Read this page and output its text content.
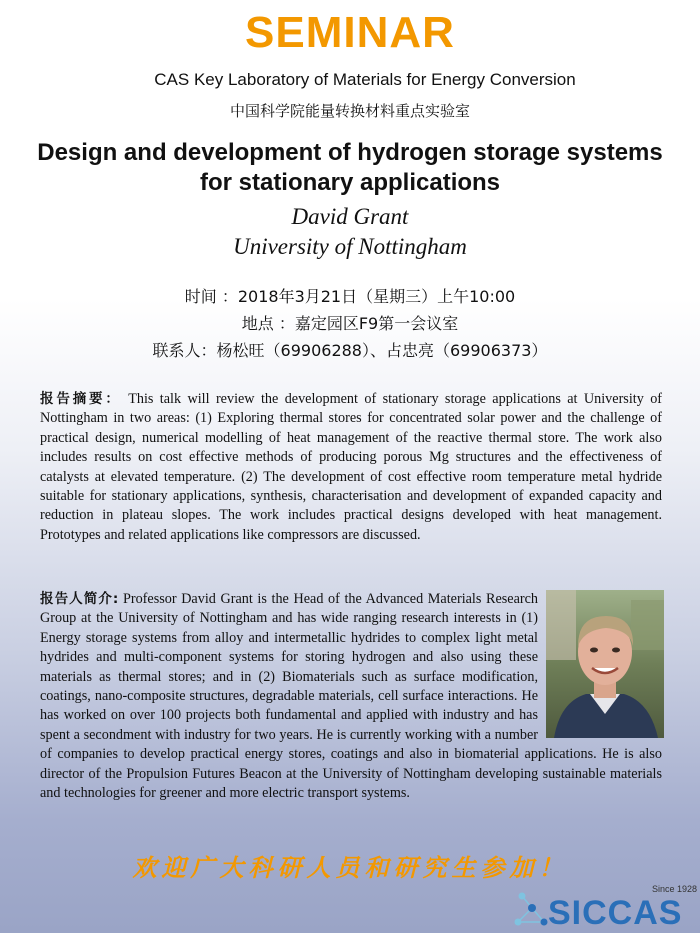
SEMINAR
CAS Key Laboratory of Materials for Energy Conversion
中国科学院能量转换材料重点实验室
Design and development of hydrogen storage systems
for stationary applications
David Grant
University of Nottingham
时间 ：2018年3月21日（星期三）上午10:00
地点 ：嘉定园区F9第一会议室
联系人：杨松旺（69906288）、占忠亮（69906373）
报告摘要： This talk will review the development of stationary storage applications at University of Nottingham in two areas: (1) Exploring thermal stores for concentrated solar power and the challenge of practical design, numerical modelling of heat management of the reactive thermal store. The work also includes results on cost effective methods of producing porous Mg structures and the effectiveness of catalysts at elevated temperature. (2) The development of cost effective room temperature metal hydride suitable for stationary applications, synthesis, characterisation and development of expanded capacity and reduction in plateau slopes. The work includes practical designs developed with heat management. Prototypes and related applications like compressors are discussed.
报告人简介: Professor David Grant is the Head of the Advanced Materials Research Group at the University of Nottingham and has wide ranging research interests in (1) Energy storage systems from alloy and intermetallic hydrides to complex light metal hydrides and multi-component systems for storing hydrogen and also using these materials as thermal stores; and in (2) Biomaterials such as surface modification, coatings, nano-composite structures, degradable materials, cell surface interactions. He has worked on over 100 projects both fundamental and applied with industry and has spent a secondment with industry for two years. He is currently working with a number of companies to develop practical energy stores, coatings and also in biomaterial applications. He is also director of the Propulsion Futures Beacon at the University of Nottingham developing sustainable materials and technologies for greener and more electric transport systems.
欢迎广大科研人员和研究生参加！
Since 1928
SICCAS
